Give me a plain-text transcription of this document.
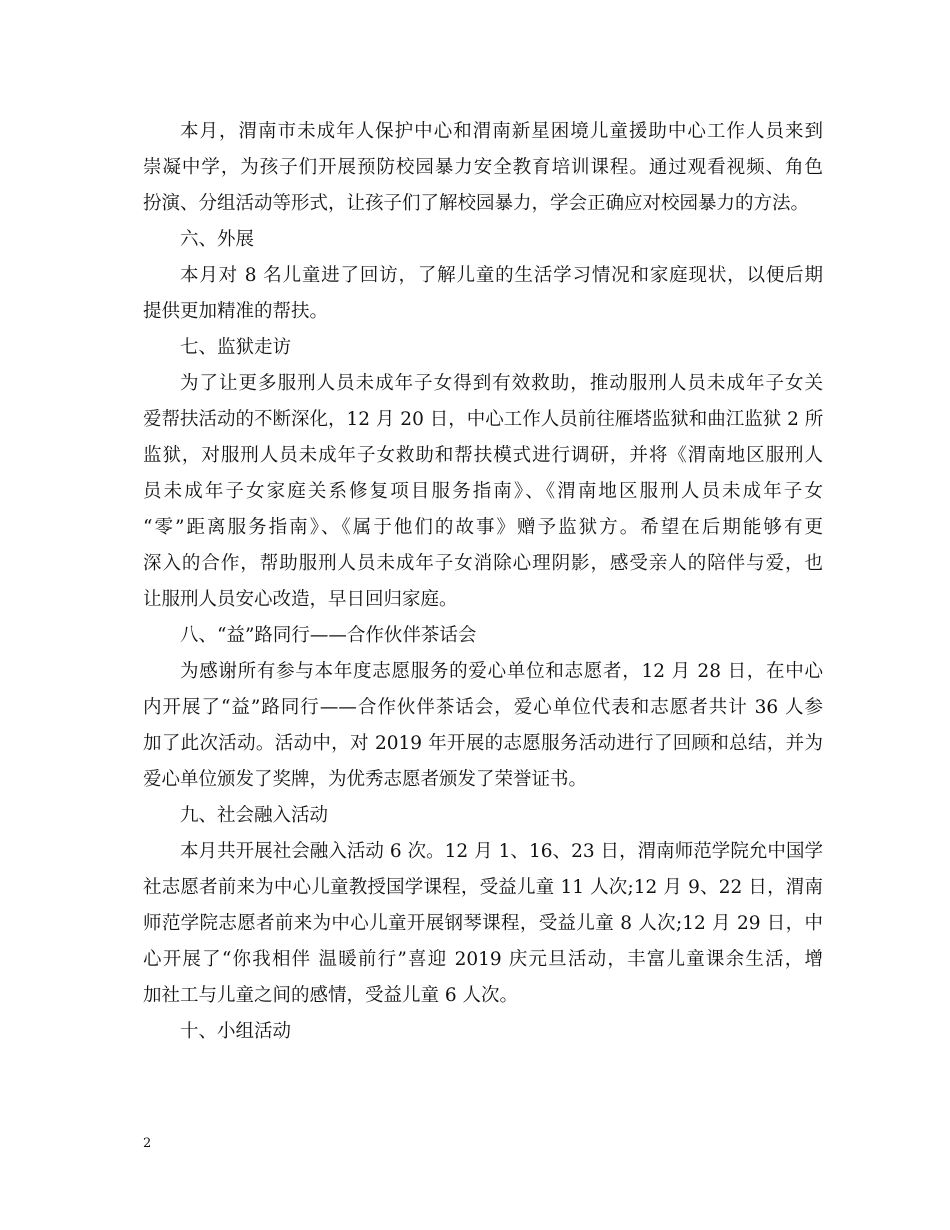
本月，渭南市未成年人保护中心和渭南新星困境儿童援助中心工作人员来到
崇凝中学，为孩子们开展预防校园暴力安全教育培训课程。通过观看视频、角色
扮演、分组活动等形式，让孩子们了解校园暴力，学会正确应对校园暴力的方法。
六、外展
本月对 8 名儿童进了回访，了解儿童的生活学习情况和家庭现状，以便后期
提供更加精准的帮扶。
七、监狱走访
为了让更多服刑人员未成年子女得到有效救助，推动服刑人员未成年子女关
爱帮扶活动的不断深化，12 月 20 日，中心工作人员前往雁塔监狱和曲江监狱 2 所
监狱，对服刑人员未成年子女救助和帮扶模式进行调研，并将《渭南地区服刑人
员未成年子女家庭关系修复项目服务指南》、《渭南地区服刑人员未成年子女
“零”距离服务指南》、《属于他们的故事》赠予监狱方。希望在后期能够有更
深入的合作，帮助服刑人员未成年子女消除心理阴影，感受亲人的陪伴与爱，也
让服刑人员安心改造，早日回归家庭。
八、“益”路同行——合作伙伴茶话会
为感谢所有参与本年度志愿服务的爱心单位和志愿者，12 月 28 日，在中心
内开展了“益”路同行——合作伙伴茶话会，爱心单位代表和志愿者共计 36 人参
加了此次活动。活动中，对 2019 年开展的志愿服务活动进行了回顾和总结，并为
爱心单位颁发了奖牌，为优秀志愿者颁发了荣誉证书。
九、社会融入活动
本月共开展社会融入活动 6 次。12 月 1、16、23 日，渭南师范学院允中国学
社志愿者前来为中心儿童教授国学课程，受益儿童 11 人次;12 月 9、22 日，渭南
师范学院志愿者前来为中心儿童开展钢琴课程，受益儿童 8 人次;12 月 29 日，中
心开展了“你我相伴 温暖前行”喜迎 2019 庆元旦活动，丰富儿童课余生活，增
加社工与儿童之间的感情，受益儿童 6 人次。
十、小组活动
2
